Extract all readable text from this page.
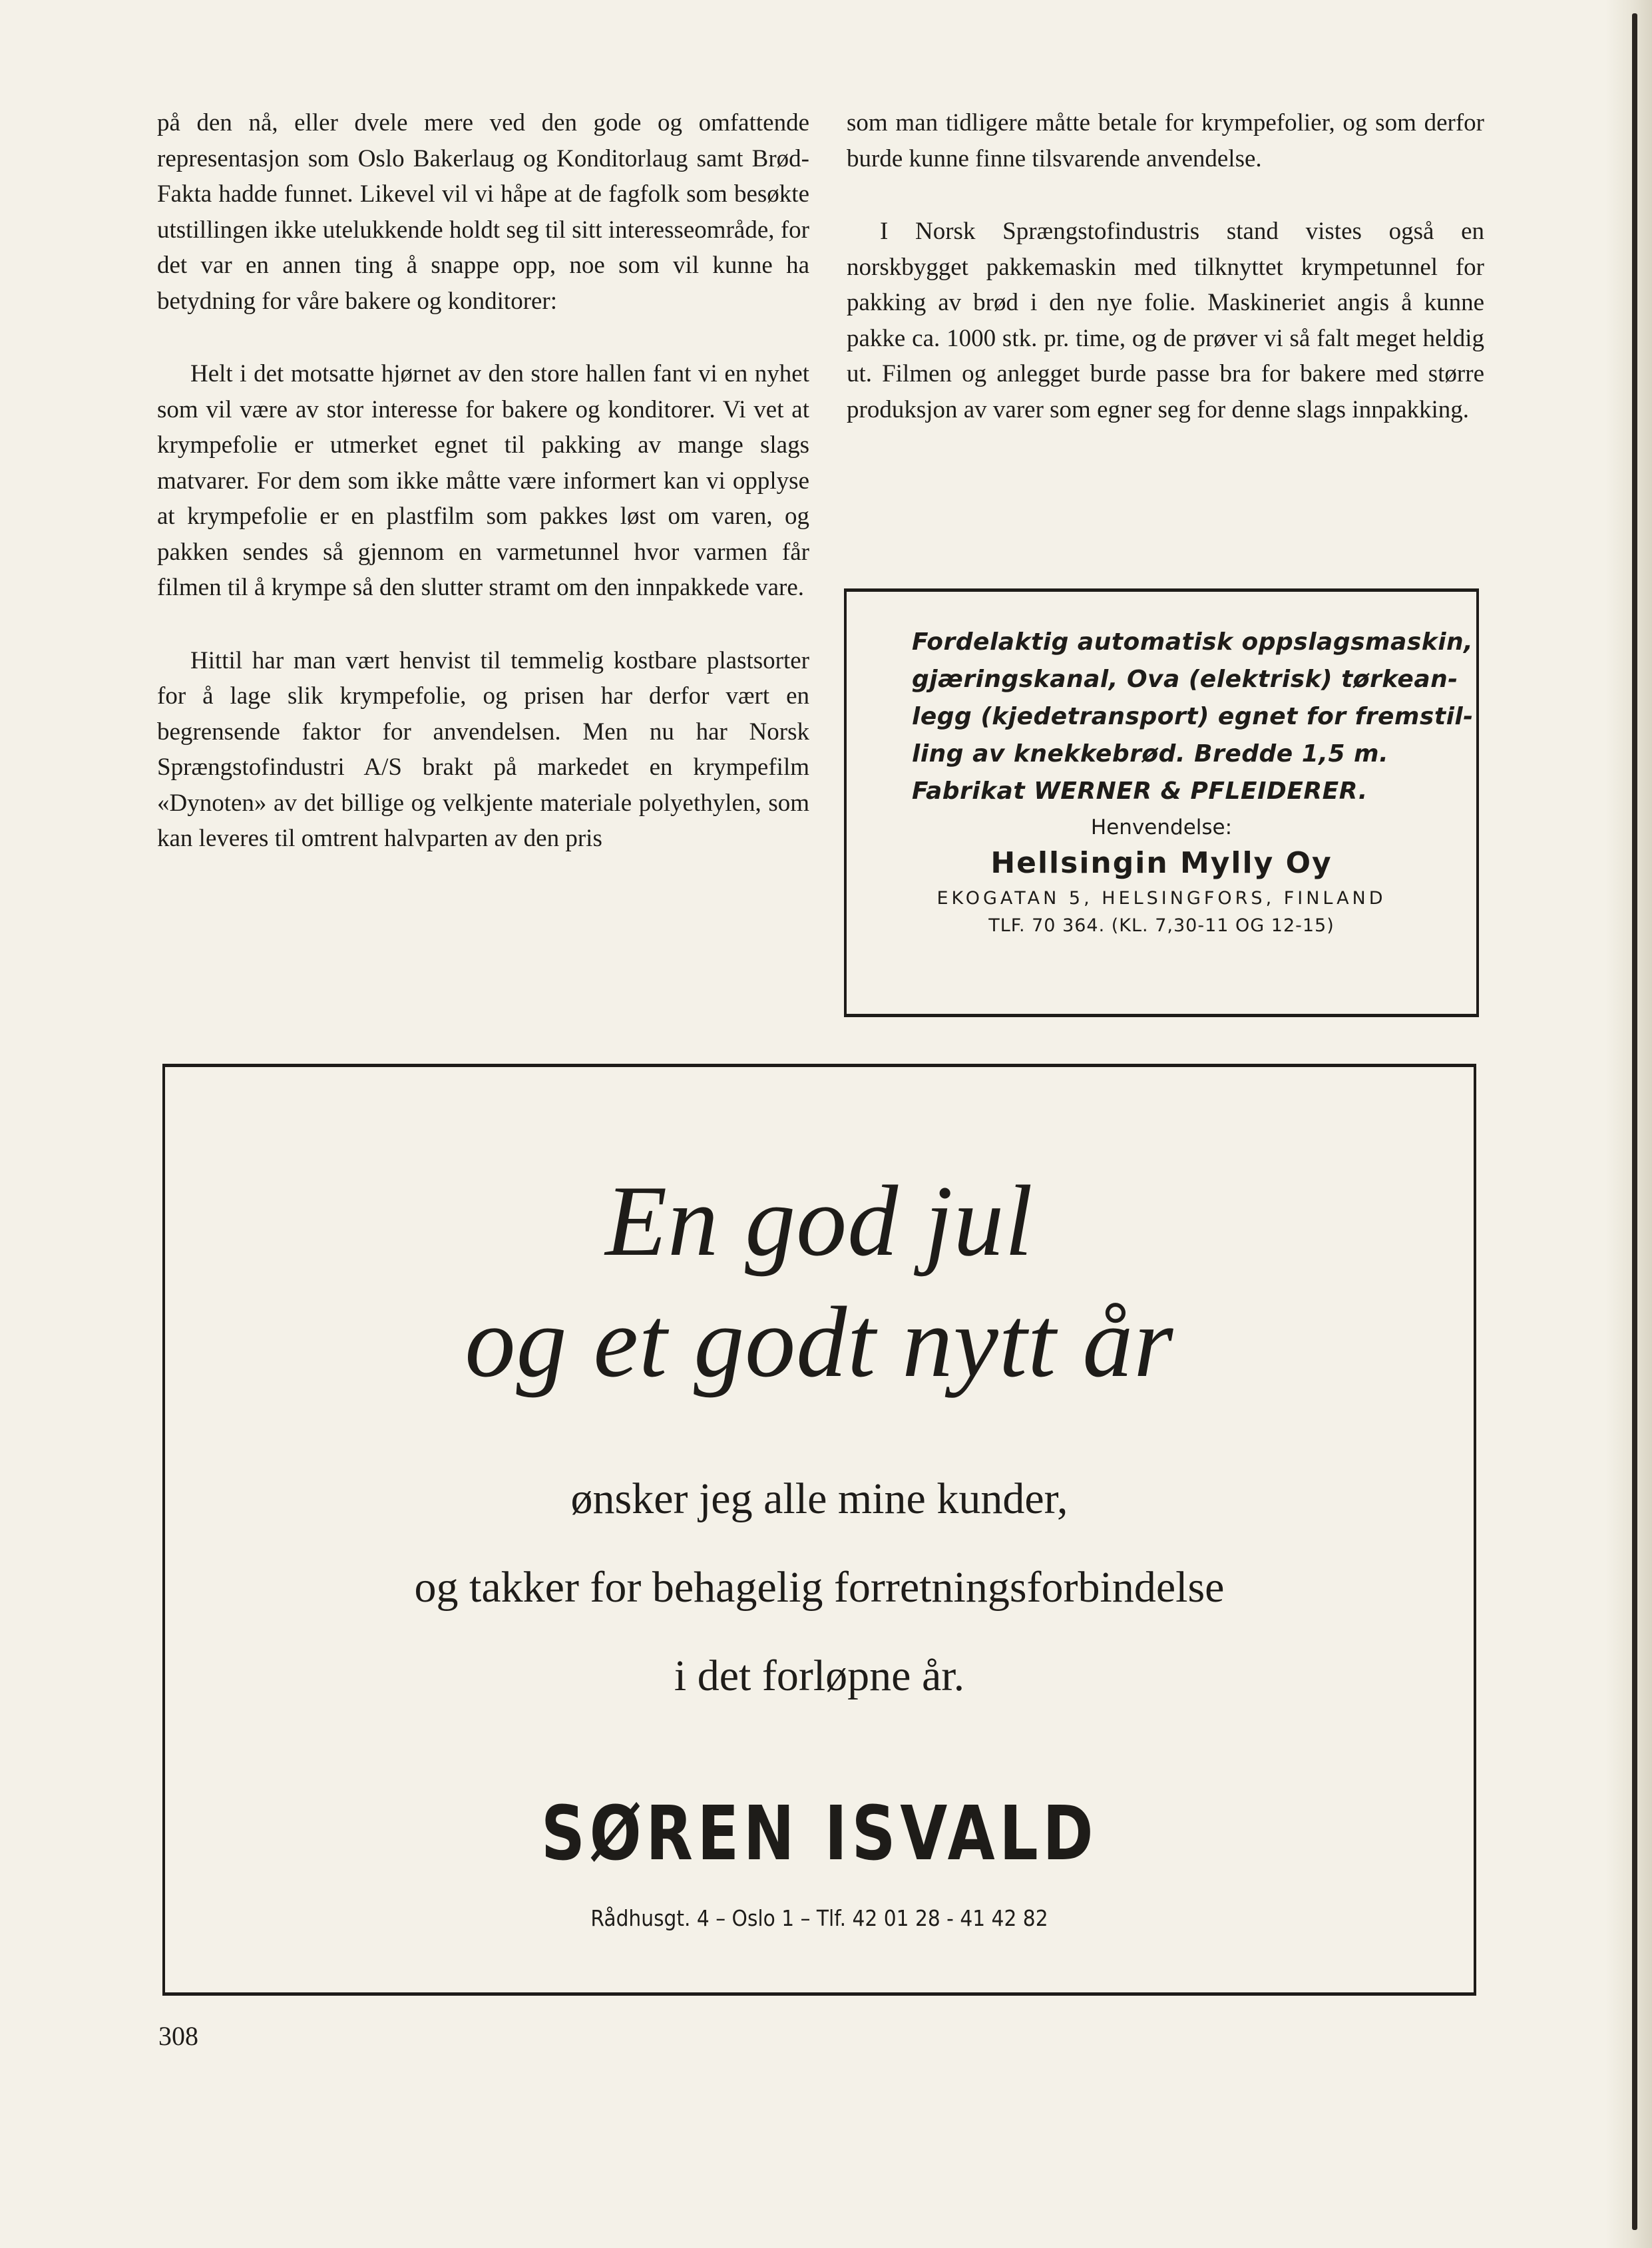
på den nå, eller dvele mere ved den gode og omfattende representasjon som Oslo Bakerlaug og Konditorlaug samt Brød-Fakta hadde funnet. Likevel vil vi håpe at de fagfolk som besøkte utstillingen ikke utelukkende holdt seg til sitt interesseområde, for det var en annen ting å snappe opp, noe som vil kunne ha betydning for våre bakere og konditorer:

Helt i det motsatte hjørnet av den store hallen fant vi en nyhet som vil være av stor interesse for bakere og konditorer. Vi vet at krympefolie er utmerket egnet til pakking av mange slags matvarer. For dem som ikke måtte være informert kan vi opplyse at krympefolie er en plastfilm som pakkes løst om varen, og pakken sendes så gjennom en varmetunnel hvor varmen får filmen til å krympe så den slutter stramt om den innpakkede vare.

Hittil har man vært henvist til temmelig kostbare plastsorter for å lage slik krympefolie, og prisen har derfor vært en begrensende faktor for anvendelsen. Men nu har Norsk Sprængstofindustri A/S brakt på markedet en krympefilm «Dynoten» av det billige og velkjente materiale polyethylen, som kan leveres til omtrent halvparten av den pris

som man tidligere måtte betale for krympefolier, og som derfor burde kunne finne tilsvarende anvendelse.

I Norsk Sprængstofindustris stand vistes også en norskbygget pakkemaskin med tilknyttet krympetunnel for pakking av brød i den nye folie. Maskineriet angis å kunne pakke ca. 1000 stk. pr. time, og de prøver vi så falt meget heldig ut. Filmen og anlegget burde passe bra for bakere med større produksjon av varer som egner seg for denne slags innpakking.

Fordelaktig automatisk oppslagsmaskin,
gjæringskanal, Ova (elektrisk) tørkean-
legg (kjedetransport) egnet for fremstil-
ling av knekkebrød. Bredde 1,5 m.
Fabrikat WERNER & PFLEIDERER.
Henvendelse:
Hellsingin Mylly Oy
EKOGATAN 5, HELSINGFORS, FINLAND
TLF. 70 364. (KL. 7,30-11 OG 12-15)
En god jul
og et godt nytt år
ønsker jeg alle mine kunder,
og takker for behagelig forretningsforbindelse
i det forløpne år.
SØREN ISVALD
Rådhusgt. 4 – Oslo 1 – Tlf. 42 01 28 - 41 42 82
308
